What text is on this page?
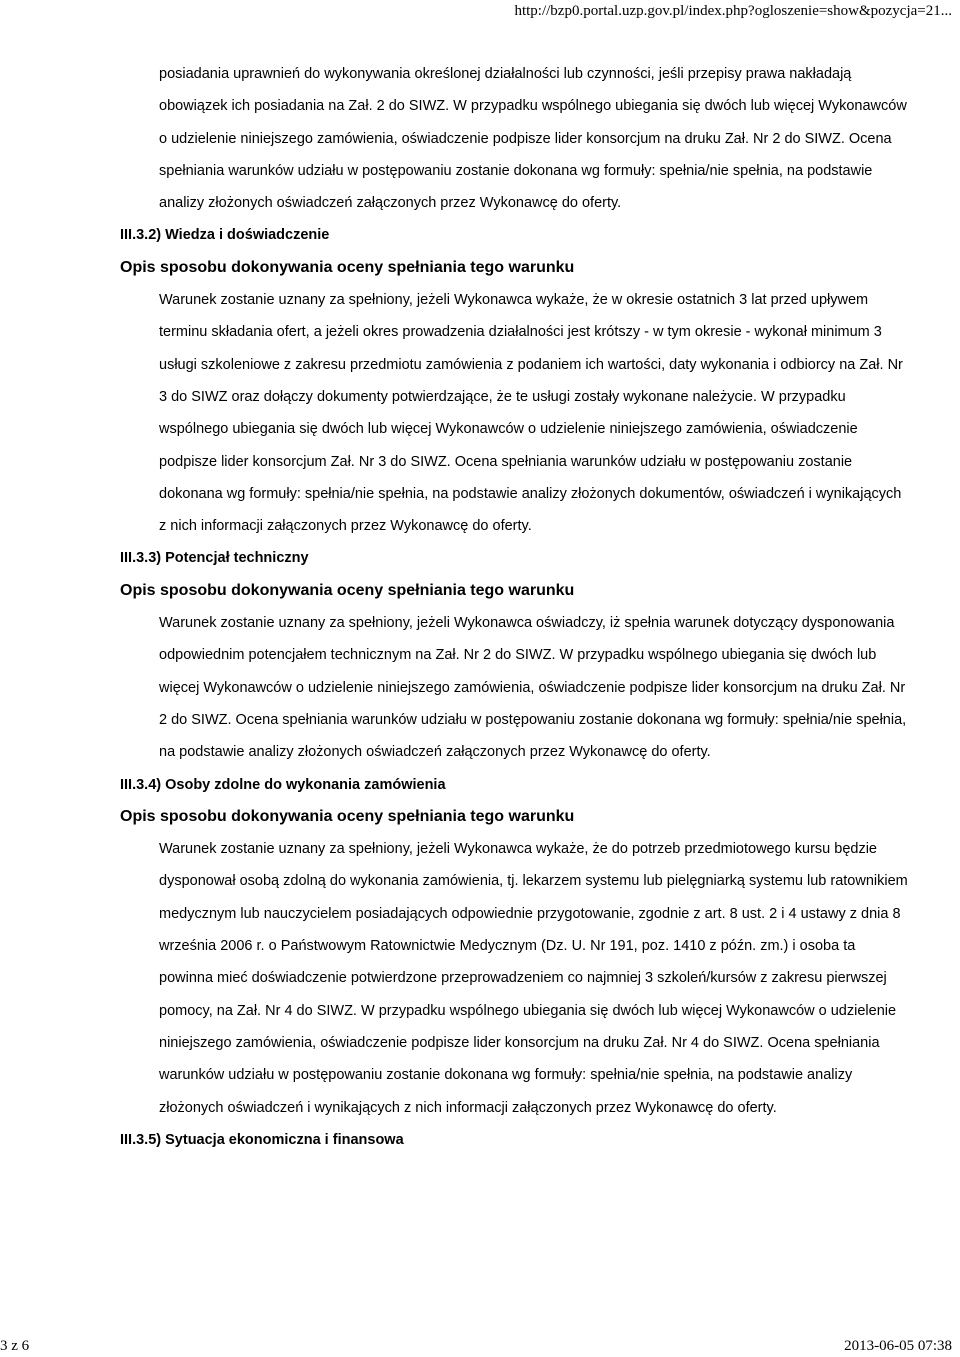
http://bzp0.portal.uzp.gov.pl/index.php?ogloszenie=show&pozycja=21...
posiadania uprawnień do wykonywania określonej działalności lub czynności, jeśli przepisy prawa nakładają obowiązek ich posiadania na Zał. 2 do SIWZ. W przypadku wspólnego ubiegania się dwóch lub więcej Wykonawców o udzielenie niniejszego zamówienia, oświadczenie podpisze lider konsorcjum na druku Zał. Nr 2 do SIWZ. Ocena spełniania warunków udziału w postępowaniu zostanie dokonana wg formuły: spełnia/nie spełnia, na podstawie analizy złożonych oświadczeń załączonych przez Wykonawcę do oferty.
III.3.2) Wiedza i doświadczenie
Opis sposobu dokonywania oceny spełniania tego warunku
Warunek zostanie uznany za spełniony, jeżeli Wykonawca wykaże, że w okresie ostatnich 3 lat przed upływem terminu składania ofert, a jeżeli okres prowadzenia działalności jest krótszy - w tym okresie - wykonał minimum 3 usługi szkoleniowe z zakresu przedmiotu zamówienia z podaniem ich wartości, daty wykonania i odbiorcy na Zał. Nr 3 do SIWZ oraz dołączy dokumenty potwierdzające, że te usługi zostały wykonane należycie. W przypadku wspólnego ubiegania się dwóch lub więcej Wykonawców o udzielenie niniejszego zamówienia, oświadczenie podpisze lider konsorcjum Zał. Nr 3 do SIWZ. Ocena spełniania warunków udziału w postępowaniu zostanie dokonana wg formuły: spełnia/nie spełnia, na podstawie analizy złożonych dokumentów, oświadczeń i wynikających z nich informacji załączonych przez Wykonawcę do oferty.
III.3.3) Potencjał techniczny
Opis sposobu dokonywania oceny spełniania tego warunku
Warunek zostanie uznany za spełniony, jeżeli Wykonawca oświadczy, iż spełnia warunek dotyczący dysponowania odpowiednim potencjałem technicznym na Zał. Nr 2 do SIWZ. W przypadku wspólnego ubiegania się dwóch lub więcej Wykonawców o udzielenie niniejszego zamówienia, oświadczenie podpisze lider konsorcjum na druku Zał. Nr 2 do SIWZ. Ocena spełniania warunków udziału w postępowaniu zostanie dokonana wg formuły: spełnia/nie spełnia, na podstawie analizy złożonych oświadczeń załączonych przez Wykonawcę do oferty.
III.3.4) Osoby zdolne do wykonania zamówienia
Opis sposobu dokonywania oceny spełniania tego warunku
Warunek zostanie uznany za spełniony, jeżeli Wykonawca wykaże, że do potrzeb przedmiotowego kursu będzie dysponował osobą zdolną do wykonania zamówienia, tj. lekarzem systemu lub pielęgniarką systemu lub ratownikiem medycznym lub nauczycielem posiadających odpowiednie przygotowanie, zgodnie z art. 8 ust. 2 i 4 ustawy z dnia 8 września 2006 r. o Państwowym Ratownictwie Medycznym (Dz. U. Nr 191, poz. 1410 z późn. zm.) i osoba ta powinna mieć doświadczenie potwierdzone przeprowadzeniem co najmniej 3 szkoleń/kursów z zakresu pierwszej pomocy, na Zał. Nr 4 do SIWZ. W przypadku wspólnego ubiegania się dwóch lub więcej Wykonawców o udzielenie niniejszego zamówienia, oświadczenie podpisze lider konsorcjum na druku Zał. Nr 4 do SIWZ. Ocena spełniania warunków udziału w postępowaniu zostanie dokonana wg formuły: spełnia/nie spełnia, na podstawie analizy złożonych oświadczeń i wynikających z nich informacji załączonych przez Wykonawcę do oferty.
III.3.5) Sytuacja ekonomiczna i finansowa
3 z 6	2013-06-05 07:38
